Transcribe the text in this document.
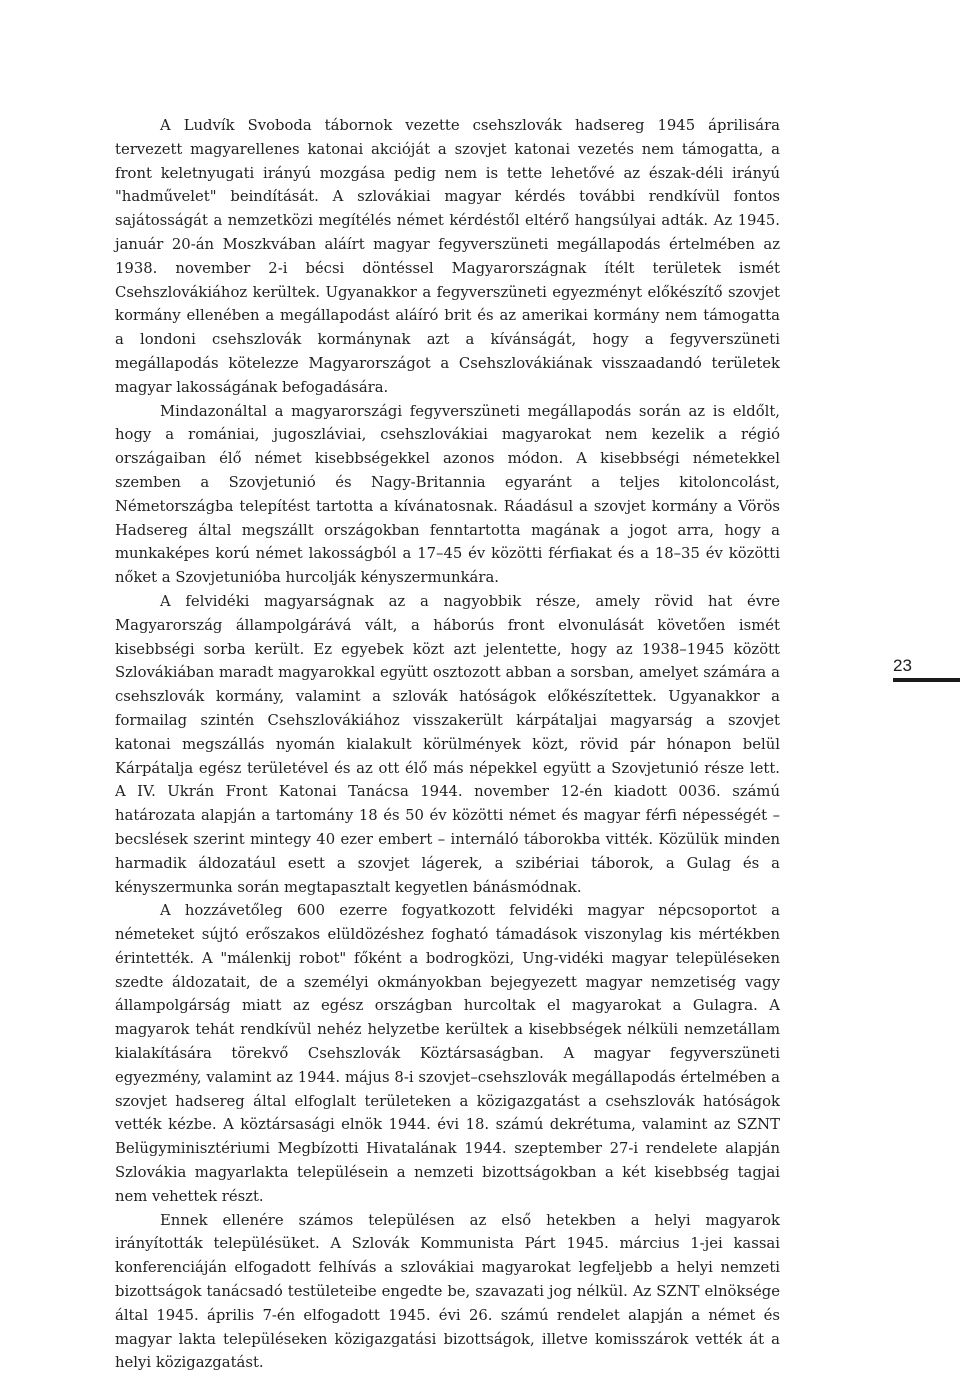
A Ludvík Svoboda tábornok vezette csehszlovák hadsereg 1945 áprilisára tervezett magyarellenes katonai akcióját a szovjet katonai vezetés nem támogatta, a front keletnyugati irányú mozgása pedig nem is tette lehetővé az észak-déli irányú "hadművelet" beindítását. A szlovákiai magyar kérdés további rendkívül fontos sajátosságát a nemzetközi megítélés német kérdéstől eltérő hangsúlyai adták. Az 1945. január 20-án Moszkvában aláírt magyar fegyverszüneti megállapodás értelmében az 1938. november 2-i bécsi döntéssel Magyarországnak ítélt területek ismét Csehszlovákiához kerültek. Ugyanakkor a fegyverszüneti egyezményt előkészítő szovjet kormány ellenében a megállapodást aláíró brit és az amerikai kormány nem támogatta a londoni csehszlovák kormánynak azt a kívánságát, hogy a fegyverszüneti megállapodás kötelezze Magyarországot a Csehszlovákiának visszaadandó területek magyar lakosságának befogadására.

Mindazonáltal a magyarországi fegyverszüneti megállapodás során az is eldőlt, hogy a romániai, jugoszláviai, csehszlovákiai magyarokat nem kezelik a régió országaiban élő német kisebbségekkel azonos módon. A kisebbségi németekkel szemben a Szovjetunió és Nagy-Britannia egyaránt a teljes kitoloncolást, Németországba telepítést tartotta a kívánatosnak. Ráadásul a szovjet kormány a Vörös Hadsereg által megszállt országokban fenntartotta magának a jogot arra, hogy a munkaképes korú német lakosságból a 17–45 év közötti férfiakat és a 18–35 év közötti nőket a Szovjetunióba hurcolják kényszermunkára.

A felvidéki magyarságnak az a nagyobbik része, amely rövid hat évre Magyarország állampolgárává vált, a háborús front elvonulását követően ismét kisebbségi sorba került. Ez egyebek közt azt jelentette, hogy az 1938–1945 között Szlovákiában maradt magyarokkal együtt osztozott abban a sorsban, amelyet számára a csehszlovák kormány, valamint a szlovák hatóságok előkészítettek. Ugyanakkor a formailag szintén Csehszlovákiához visszakerült kárpátaljai magyarság a szovjet katonai megszállás nyomán kialakult körülmények közt, rövid pár hónapon belül Kárpátalja egész területével és az ott élő más népekkel együtt a Szovjetunió része lett. A IV. Ukrán Front Katonai Tanácsa 1944. november 12-én kiadott 0036. számú határozata alapján a tartomány 18 és 50 év közötti német és magyar férfi népességét – becslések szerint mintegy 40 ezer embert – internáló táborokba vitték. Közülük minden harmadik áldozatául esett a szovjet lágerek, a szibériai táborok, a Gulag és a kényszermunka során megtapasztalt kegyetlen bánásmódnak.

A hozzávetőleg 600 ezerre fogyatkozott felvidéki magyar népcsoportot a németeket sújtó erőszakos elüldözéshez fogható támadások viszonylag kis mértékben érintették. A "málenkij robot" főként a bodrogközi, Ung-vidéki magyar településeken szedte áldozatait, de a személyi okmányokban bejegyezett magyar nemzetiség vagy állampolgárság miatt az egész országban hurcoltak el magyarokat a Gulagra. A magyarok tehát rendkívül nehéz helyzetbe kerültek a kisebbségek nélküli nemzetállam kialakítására törekvő Csehszlovák Köztársaságban. A magyar fegyverszüneti egyezmény, valamint az 1944. május 8-i szovjet–csehszlovák megállapodás értelmében a szovjet hadsereg által elfoglalt területeken a közigazgatást a csehszlovák hatóságok vették kézbe. A köztársasági elnök 1944. évi 18. számú dekrétuma, valamint az SZNT Belügyminisztériumi Megbízotti Hivatalának 1944. szeptember 27-i rendelete alapján Szlovákia magyarlakta településein a nemzeti bizottságokban a két kisebbség tagjai nem vehettek részt.

Ennek ellenére számos településen az első hetekben a helyi magyarok irányították településüket. A Szlovák Kommunista Párt 1945. március 1-jei kassai konferenciáján elfogadott felhívás a szlovákiai magyarokat legfeljebb a helyi nemzeti bizottságok tanácsadó testületeibe engedte be, szavazati jog nélkül. Az SZNT elnöksége által 1945. április 7-én elfogadott 1945. évi 26. számú rendelet alapján a német és magyar lakta településeken közigazgatási bizottságok, illetve komisszárok vették át a helyi közigazgatást.

23
